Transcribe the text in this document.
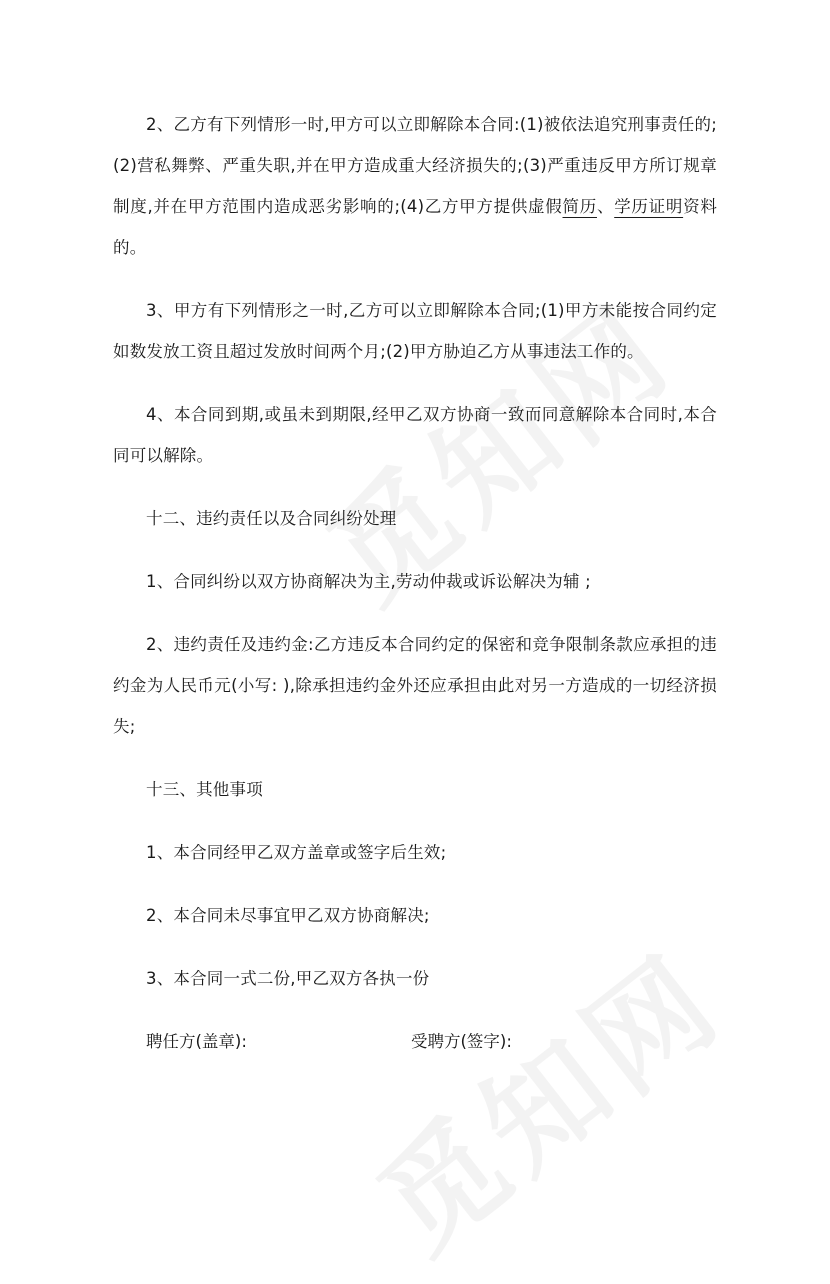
2、乙方有下列情形一时,甲方可以立即解除本合同:(1)被依法追究刑事责任的;(2)营私舞弊、严重失职,并在甲方造成重大经济损失的;(3)严重违反甲方所订规章制度,并在甲方范围内造成恶劣影响的;(4)乙方甲方提供虚假简历、学历证明资料的。

3、甲方有下列情形之一时,乙方可以立即解除本合同;(1)甲方未能按合同约定如数发放工资且超过发放时间两个月;(2)甲方胁迫乙方从事违法工作的。

4、本合同到期,或虽未到期限,经甲乙双方协商一致而同意解除本合同时,本合同可以解除。

十二、违约责任以及合同纠纷处理

1、合同纠纷以双方协商解决为主,劳动仲裁或诉讼解决为辅 ;

2、违约责任及违约金:乙方违反本合同约定的保密和竞争限制条款应承担的违约金为人民币元(小写: ),除承担违约金外还应承担由此对另一方造成的一切经济损失;

十三、其他事项

1、本合同经甲乙双方盖章或签字后生效;

2、本合同未尽事宜甲乙双方协商解决;

3、本合同一式二份,甲乙双方各执一份

聘任方(盖章):	受聘方(签字):
